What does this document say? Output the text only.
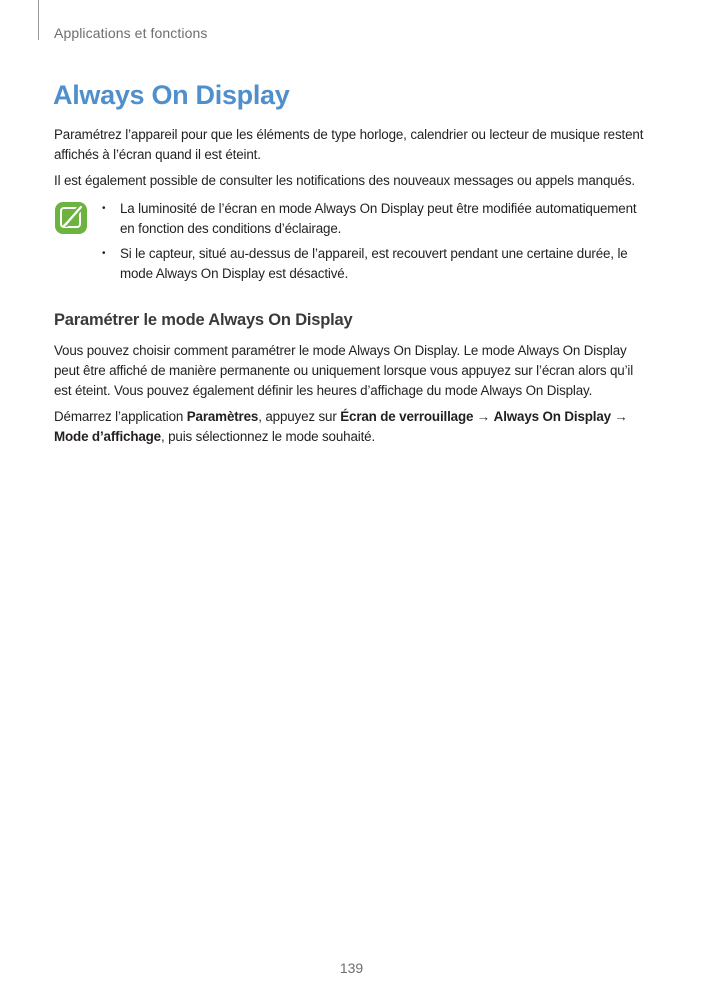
Applications et fonctions
Always On Display

Paramétrez l’appareil pour que les éléments de type horloge, calendrier ou lecteur de musique restent affichés à l’écran quand il est éteint.

Il est également possible de consulter les notifications des nouveaux messages ou appels manqués.

• La luminosité de l’écran en mode Always On Display peut être modifiée automatiquement en fonction des conditions d’éclairage.
• Si le capteur, situé au-dessus de l’appareil, est recouvert pendant une certaine durée, le mode Always On Display est désactivé.
Paramétrer le mode Always On Display

Vous pouvez choisir comment paramétrer le mode Always On Display. Le mode Always On Display peut être affiché de manière permanente ou uniquement lorsque vous appuyez sur l’écran alors qu’il est éteint. Vous pouvez également définir les heures d’affichage du mode Always On Display.

Démarrez l’application Paramètres, appuyez sur Écran de verrouillage → Always On Display → Mode d’affichage, puis sélectionnez le mode souhaité.

139
